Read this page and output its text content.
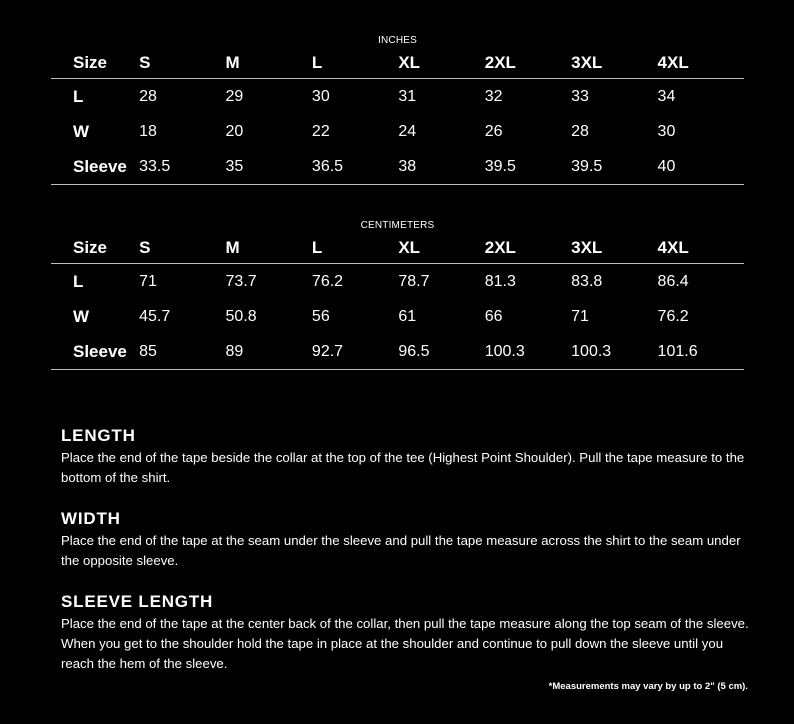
INCHES
Size	S	M	L	XL	2XL	3XL	4XL
L	28	29	30	31	32	33	34
W	18	20	22	24	26	28	30
Sleeve	33.5	35	36.5	38	39.5	39.5	40
CENTIMETERS
Size	S	M	L	XL	2XL	3XL	4XL
L	71	73.7	76.2	78.7	81.3	83.8	86.4
W	45.7	50.8	56	61	66	71	76.2
Sleeve	85	89	92.7	96.5	100.3	100.3	101.6
LENGTH

Place the end of the tape beside the collar at the top of the tee (Highest Point Shoulder). Pull the tape measure to the bottom of the shirt.

WIDTH

Place the end of the tape at the seam under the sleeve and pull the tape measure across the shirt to the seam under the opposite sleeve.

SLEEVE LENGTH

Place the end of the tape at the center back of the collar, then pull the tape measure along the top seam of the sleeve. When you get to the shoulder hold the tape in place at the shoulder and continue to pull down the sleeve until you reach the hem of the sleeve.

*Measurements may vary by up to 2" (5 cm).
